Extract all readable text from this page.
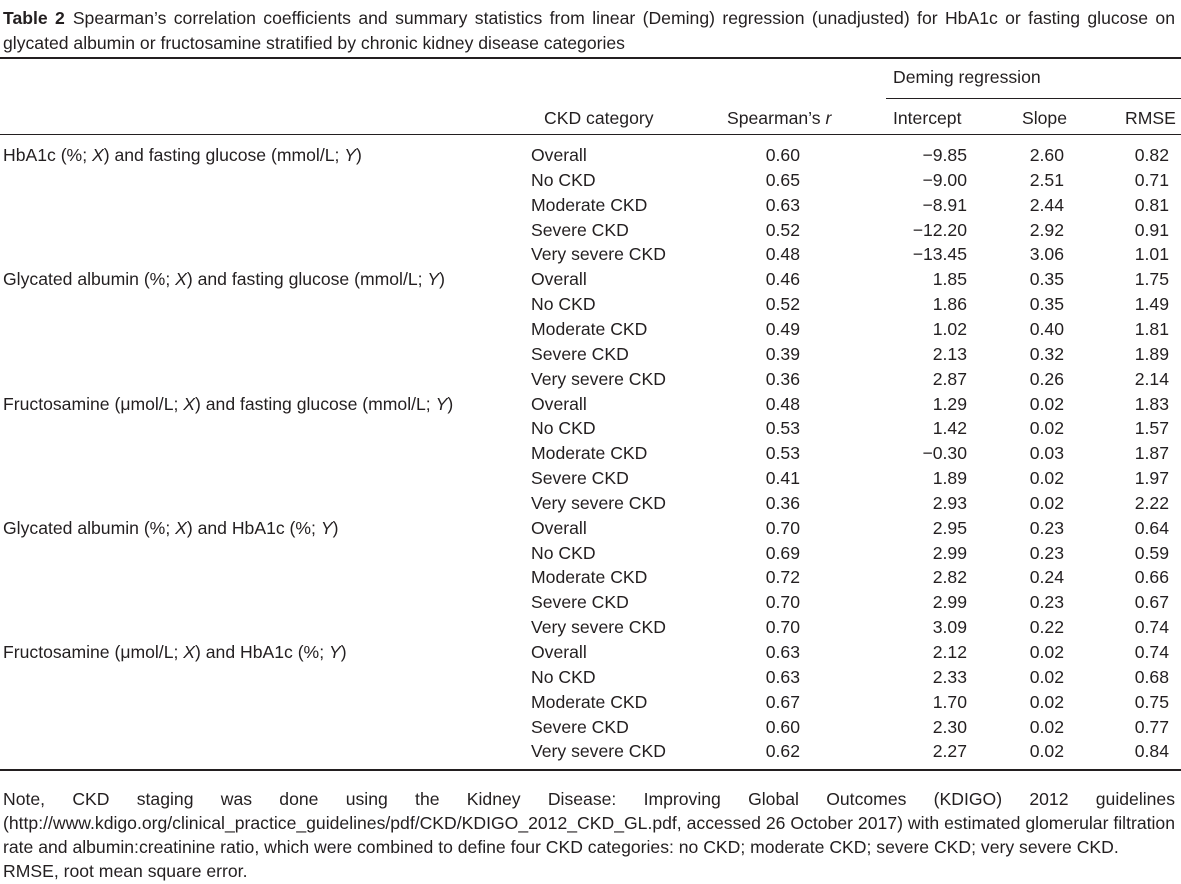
Table 2 Spearman’s correlation coefficients and summary statistics from linear (Deming) regression (unadjusted) for HbA1c or fasting glucose on glycated albumin or fructosamine stratified by chronic kidney disease categories
Deming regression
CKD category	Spearman’s r	Intercept	Slope	RMSE
HbA1c (%; X) and fasting glucose (mmol/L; Y)	Overall	0.60	−9.85	2.60	0.82
No CKD	0.65	−9.00	2.51	0.71
Moderate CKD	0.63	−8.91	2.44	0.81
Severe CKD	0.52	−12.20	2.92	0.91
Very severe CKD	0.48	−13.45	3.06	1.01
Glycated albumin (%; X) and fasting glucose (mmol/L; Y)	Overall	0.46	1.85	0.35	1.75
No CKD	0.52	1.86	0.35	1.49
Moderate CKD	0.49	1.02	0.40	1.81
Severe CKD	0.39	2.13	0.32	1.89
Very severe CKD	0.36	2.87	0.26	2.14
Fructosamine (μmol/L; X) and fasting glucose (mmol/L; Y)	Overall	0.48	1.29	0.02	1.83
No CKD	0.53	1.42	0.02	1.57
Moderate CKD	0.53	−0.30	0.03	1.87
Severe CKD	0.41	1.89	0.02	1.97
Very severe CKD	0.36	2.93	0.02	2.22
Glycated albumin (%; X) and HbA1c (%; Y)	Overall	0.70	2.95	0.23	0.64
No CKD	0.69	2.99	0.23	0.59
Moderate CKD	0.72	2.82	0.24	0.66
Severe CKD	0.70	2.99	0.23	0.67
Very severe CKD	0.70	3.09	0.22	0.74
Fructosamine (μmol/L; X) and HbA1c (%; Y)	Overall	0.63	2.12	0.02	0.74
No CKD	0.63	2.33	0.02	0.68
Moderate CKD	0.67	1.70	0.02	0.75
Severe CKD	0.60	2.30	0.02	0.77
Very severe CKD	0.62	2.27	0.02	0.84
Note, CKD staging was done using the Kidney Disease: Improving Global Outcomes (KDIGO) 2012 guidelines (http://www.kdigo.org/clinical_practice_guidelines/pdf/CKD/KDIGO_2012_CKD_GL.pdf, accessed 26 October 2017) with estimated glomerular filtration rate and albumin:creatinine ratio, which were combined to define four CKD categories: no CKD; moderate CKD; severe CKD; very severe CKD.
RMSE, root mean square error.
